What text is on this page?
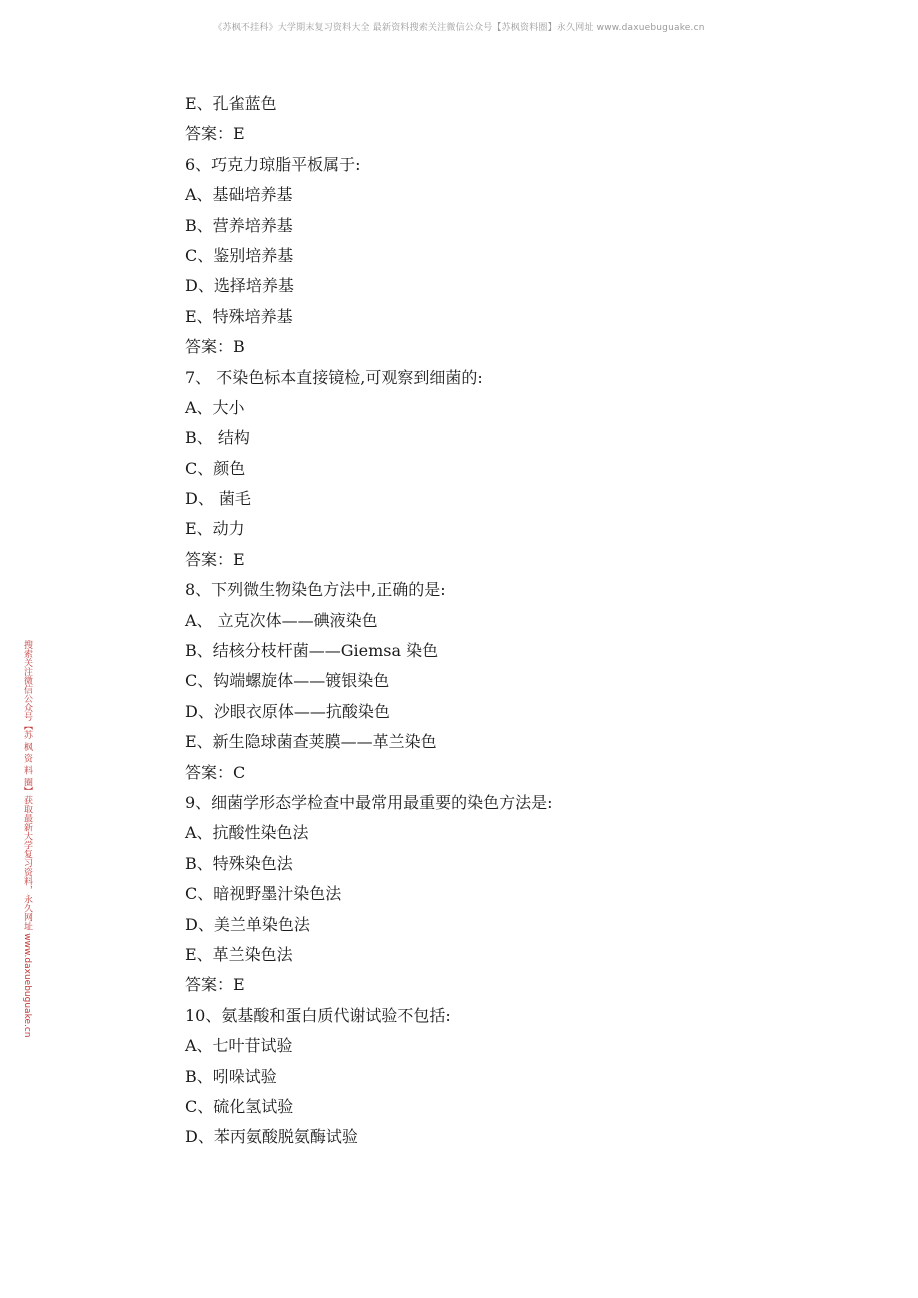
《苏枫不挂科》大学期末复习资料大全 最新资料搜索关注微信公众号【苏枫资料圈】永久网址 www.daxuebuguake.cn
搜索关注微信公众号【苏 枫 资 料 圈】获取最新大学复习资料，永久网址 www.daxuebuguake.cn
E、孔雀蓝色
答案：E
6、巧克力琼脂平板属于:
A、基础培养基
B、营养培养基
C、鉴别培养基
D、选择培养基
E、特殊培养基
答案：B
7、 不染色标本直接镜检,可观察到细菌的:
A、大小
B、 结构
C、颜色
D、 菌毛
E、动力
答案：E
8、下列微生物染色方法中,正确的是:
A、 立克次体——碘液染色
B、结核分枝杆菌——Giemsa 染色
C、钩端螺旋体——镀银染色
D、沙眼衣原体——抗酸染色
E、新生隐球菌查荚膜——革兰染色
答案：C
9、细菌学形态学检查中最常用最重要的染色方法是:
A、抗酸性染色法
B、特殊染色法
C、暗视野墨汁染色法
D、美兰单染色法
E、革兰染色法
答案：E
10、氨基酸和蛋白质代谢试验不包括:
A、七叶苷试验
B、吲哚试验
C、硫化氢试验
D、苯丙氨酸脱氨酶试验
